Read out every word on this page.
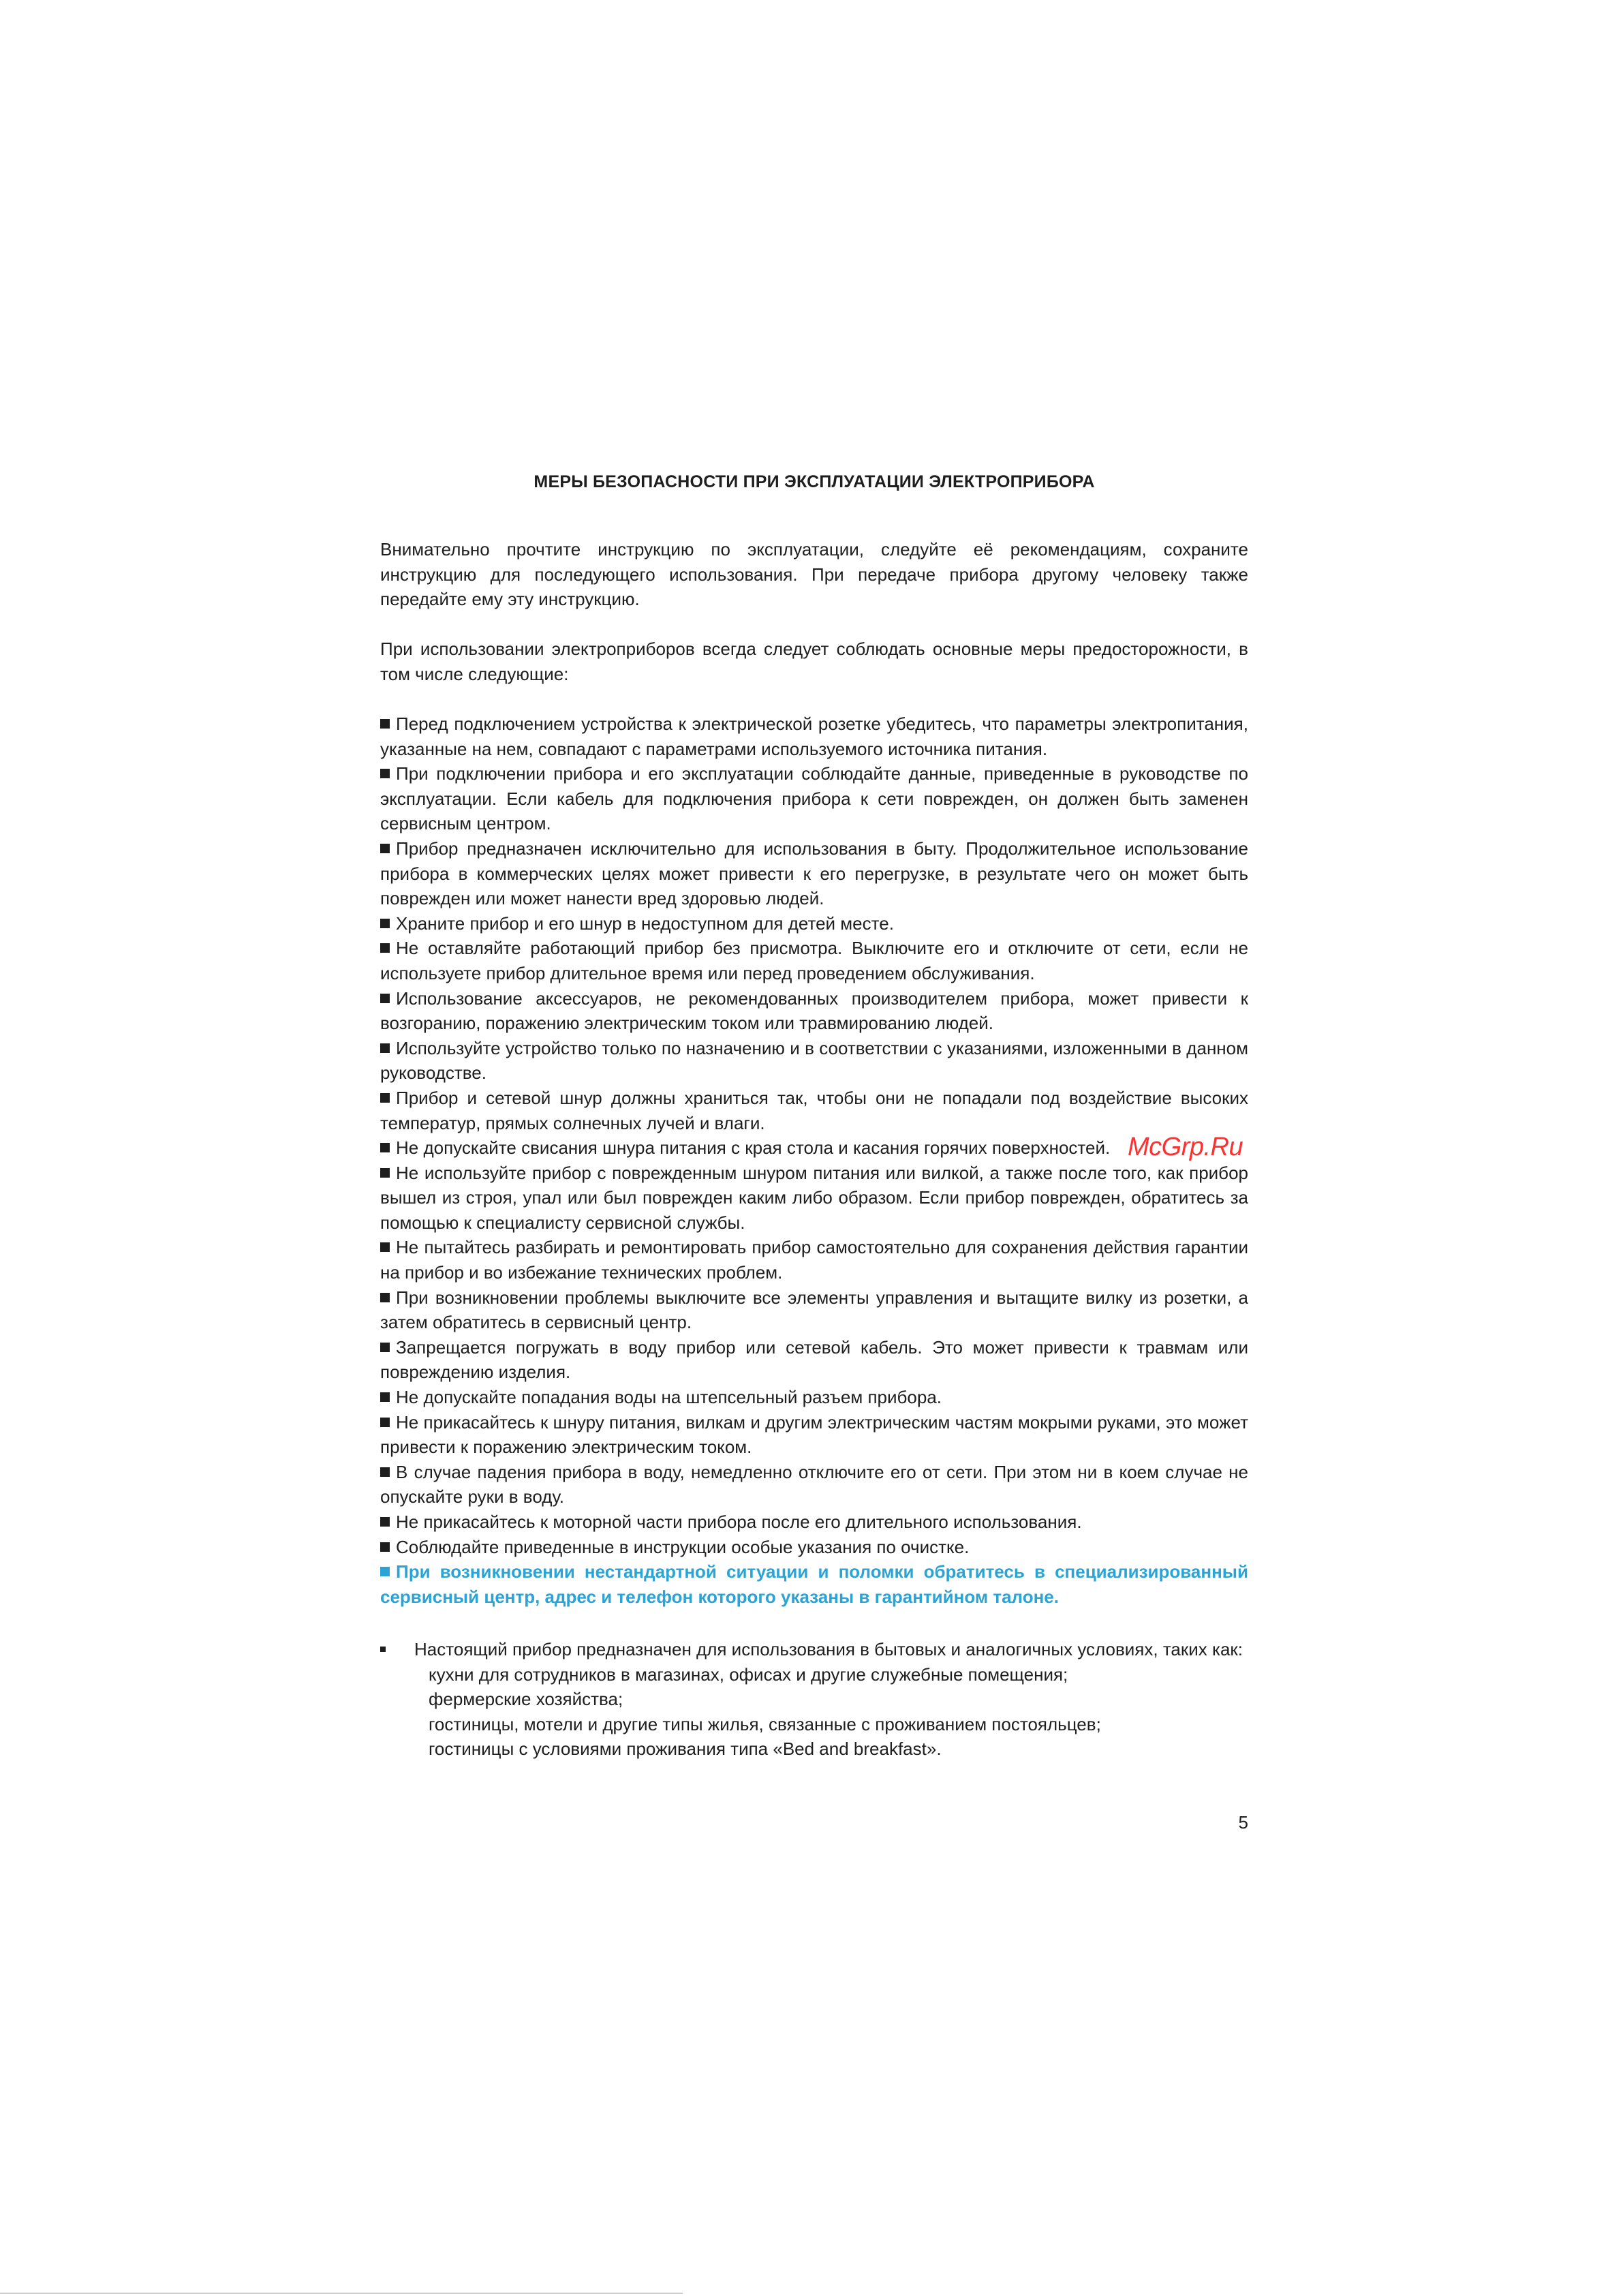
МЕРЫ БЕЗОПАСНОСТИ ПРИ ЭКСПЛУАТАЦИИ ЭЛЕКТРОПРИБОРА

Внимательно прочтите инструкцию по эксплуатации, следуйте её рекомендациям, сохраните инструкцию для последующего использования. При передаче прибора другому человеку также передайте ему эту инструкцию.

При использовании электроприборов всегда следует соблюдать основные меры предосторожности, в том числе следующие:

Перед подключением устройства к электрической розетке убедитесь, что параметры электропитания, указанные на нем, совпадают с параметрами используемого источника питания.
При подключении прибора и его эксплуатации соблюдайте данные, приведенные в руководстве по эксплуатации. Если кабель для подключения прибора к сети поврежден, он должен быть заменен сервисным центром.
Прибор предназначен исключительно для использования в быту. Продолжительное использование прибора в коммерческих целях может привести к его перегрузке, в результате чего он может быть поврежден или может нанести вред здоровью людей.
Храните прибор и его шнур в недоступном для детей месте.
Не оставляйте работающий прибор без присмотра. Выключите его и отключите от сети, если не используете прибор длительное время или перед проведением обслуживания.
Использование аксессуаров, не рекомендованных производителем прибора, может привести к возгоранию, поражению электрическим током или травмированию людей.
Используйте устройство только по назначению и в соответствии с указаниями, изложенными в данном руководстве.
Прибор и сетевой шнур должны храниться так, чтобы они не попадали под воздействие высоких температур, прямых солнечных лучей и влаги.
Не допускайте свисания шнура питания с края стола и касания горячих поверхностей.
Не используйте прибор с поврежденным шнуром питания или вилкой, а также после того, как прибор вышел из строя, упал или был поврежден каким либо образом. Если прибор поврежден, обратитесь за помощью к специалисту сервисной службы.
Не пытайтесь разбирать и ремонтировать прибор самостоятельно для сохранения действия гарантии на прибор и во избежание технических проблем.
При возникновении проблемы выключите все элементы управления и вытащите вилку из розетки, а затем обратитесь в сервисный центр.
Запрещается погружать в воду прибор или сетевой кабель. Это может привести к травмам или повреждению изделия.
Не допускайте попадания воды на штепсельный разъем прибора.
Не прикасайтесь к шнуру питания, вилкам и другим электрическим частям мокрыми руками, это может привести к поражению электрическим током.
В случае падения прибора в воду, немедленно отключите его от сети. При этом ни в коем случае не опускайте руки в воду.
Не прикасайтесь к моторной части прибора после его длительного использования.
Соблюдайте приведенные в инструкции особые указания по очистке.
При возникновении нестандартной ситуации и поломки обратитесь в специализированный сервисный центр, адрес и телефон которого указаны в гарантийном талоне.

Настоящий прибор предназначен для использования в бытовых и аналогичных условиях, таких как:

кухни для сотрудников в магазинах, офисах и другие служебные помещения;
фермерские хозяйства;
гостиницы, мотели и другие типы жилья, связанные с проживанием постояльцев;
гостиницы с условиями проживания типа «Bed and breakfast».

5

McGrp.Ru
